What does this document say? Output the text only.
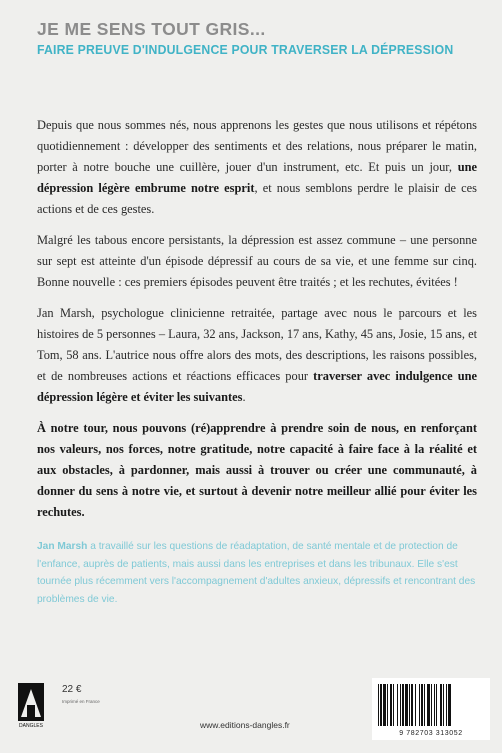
JE ME SENS TOUT GRIS...
FAIRE PREUVE D'INDULGENCE POUR TRAVERSER LA DÉPRESSION

Depuis que nous sommes nés, nous apprenons les gestes que nous utilisons et répétons quotidiennement : développer des sentiments et des relations, nous préparer le matin, porter à notre bouche une cuillère, jouer d'un instrument, etc. Et puis un jour, une dépression légère embrume notre esprit, et nous semblons perdre le plaisir de ces actions et de ces gestes.

Malgré les tabous encore persistants, la dépression est assez commune – une personne sur sept est atteinte d'un épisode dépressif au cours de sa vie, et une femme sur cinq. Bonne nouvelle : ces premiers épisodes peuvent être traités ; et les rechutes, évitées !

Jan Marsh, psychologue clinicienne retraitée, partage avec nous le parcours et les histoires de 5 personnes – Laura, 32 ans, Jackson, 17 ans, Kathy, 45 ans, Josie, 15 ans, et Tom, 58 ans. L'autrice nous offre alors des mots, des descriptions, les raisons possibles, et de nombreuses actions et réactions efficaces pour traverser avec indulgence une dépression légère et éviter les suivantes.

À notre tour, nous pouvons (ré)apprendre à prendre soin de nous, en renforçant nos valeurs, nos forces, notre gratitude, notre capacité à faire face à la réalité et aux obstacles, à pardonner, mais aussi à trouver ou créer une communauté, à donner du sens à notre vie, et surtout à devenir notre meilleur allié pour éviter les rechutes.

Jan Marsh a travaillé sur les questions de réadaptation, de santé mentale et de protection de l'enfance, auprès de patients, mais aussi dans les entreprises et dans les tribunaux. Elle s'est tournée plus récemment vers l'accompagnement d'adultes anxieux, dépressifs et rencontrant des problèmes de vie.
DANGLES
22 €
Imprimé en France
www.editions-dangles.fr
9 782703 313052
